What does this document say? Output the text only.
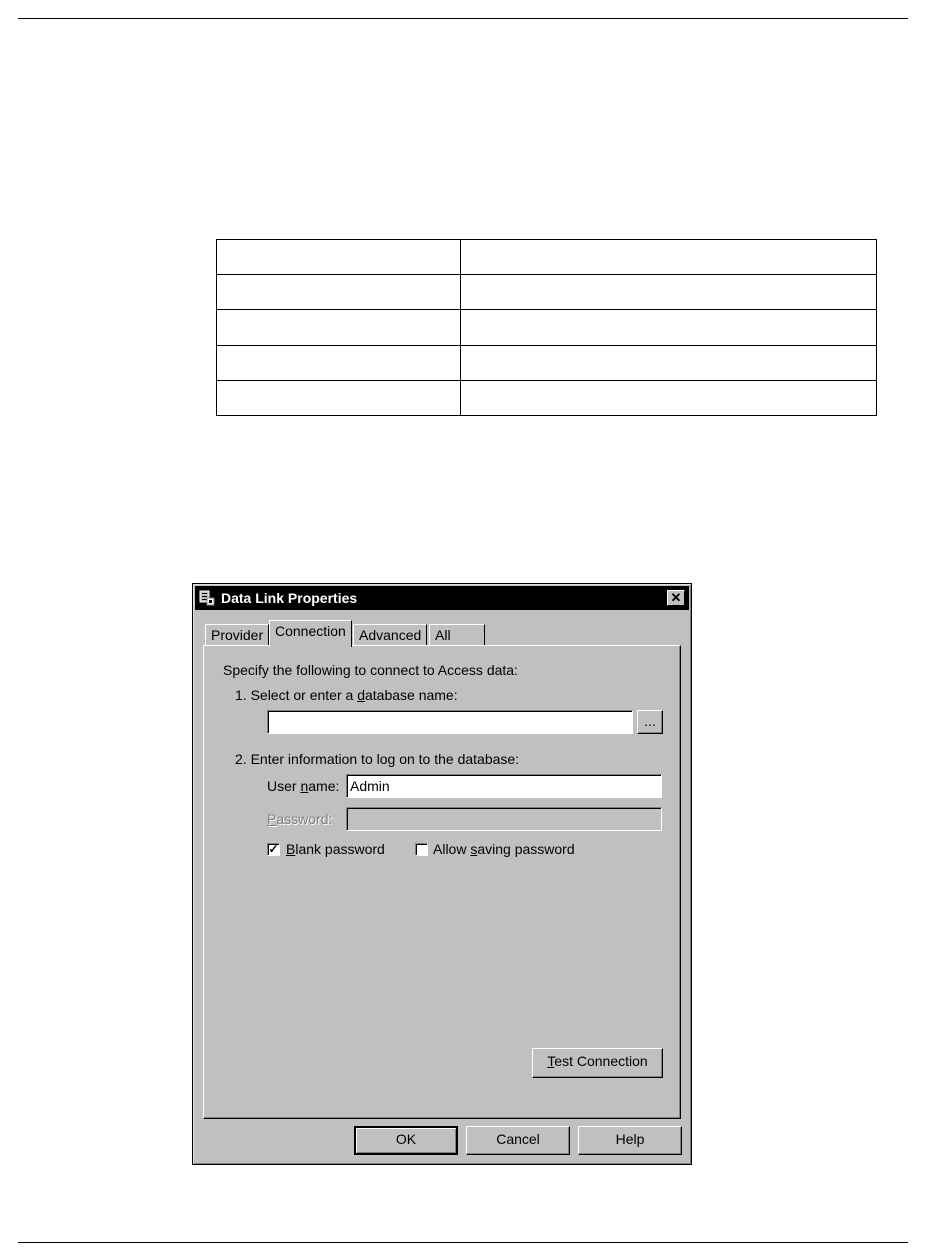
Data Link Properties	✕
Provider Connection Advanced All
Specify the following to connect to Access data:
1. Select or enter a database name:
...
2. Enter information to log on to the database:
User name:
Admin
Password:
✓ Blank password	Allow saving password
Test Connection
OK	Cancel	Help
